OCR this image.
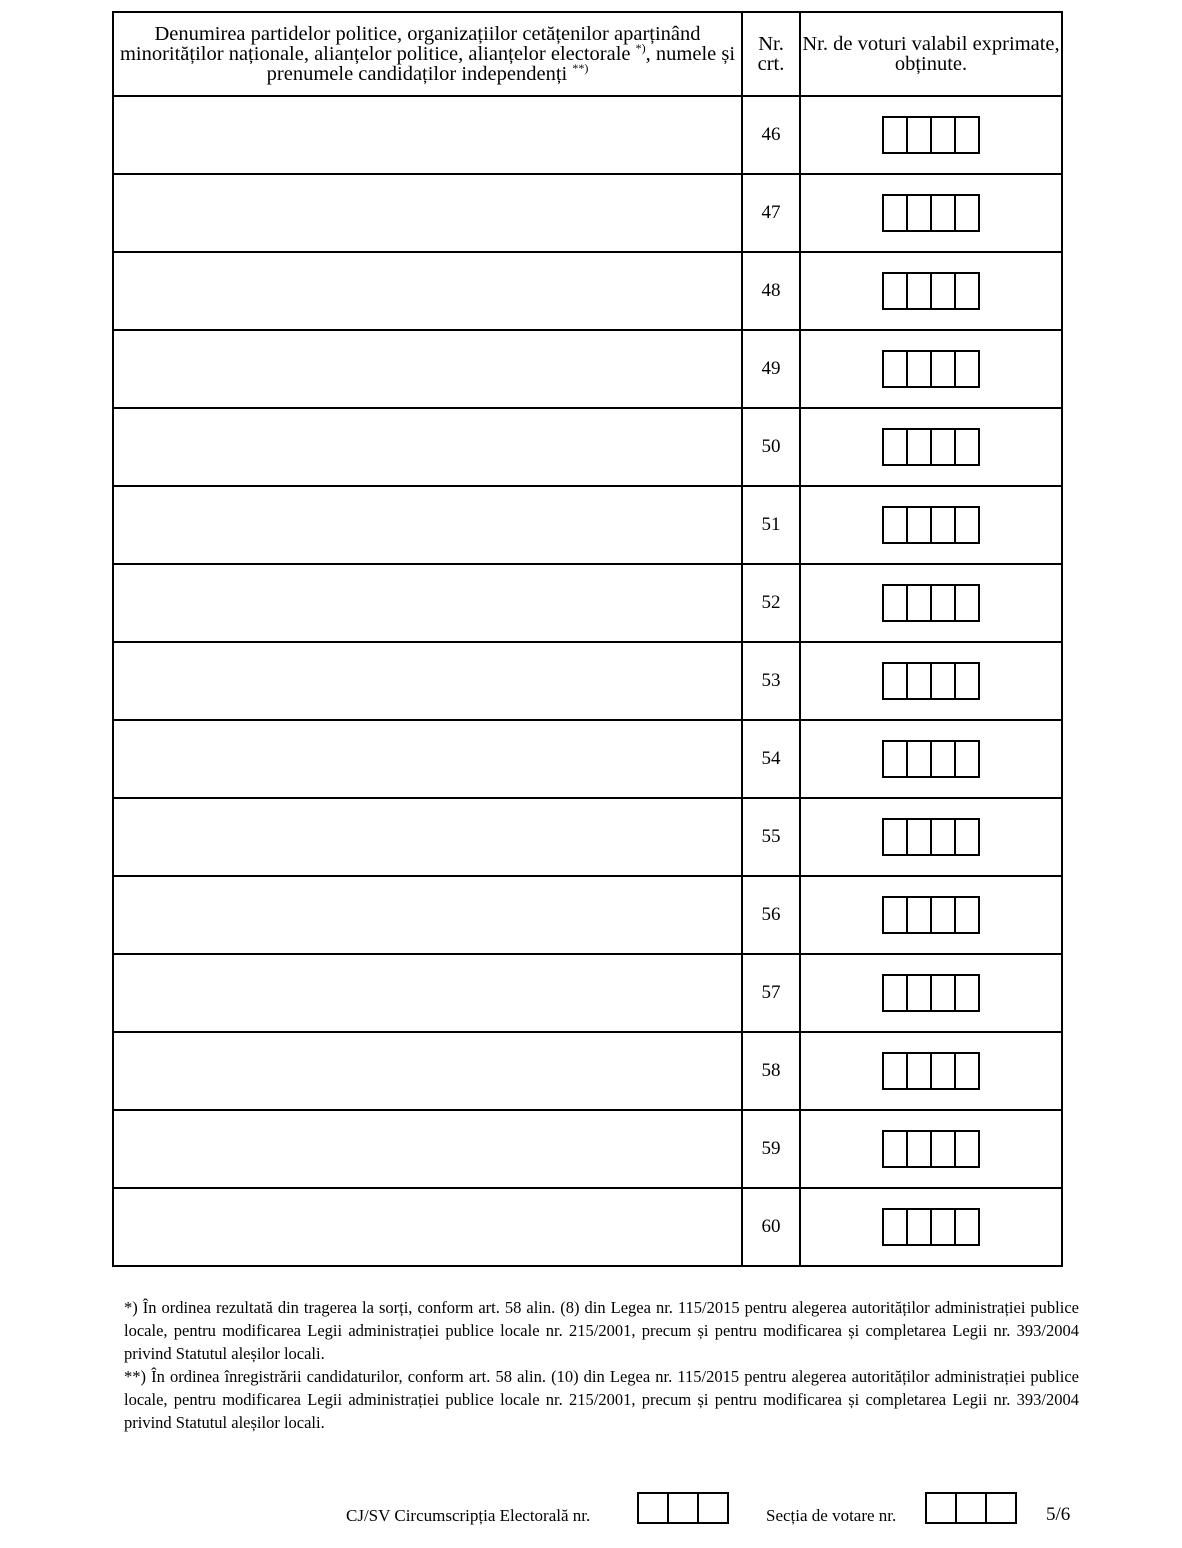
Denumirea partidelor politice, organizațiilor cetățenilor aparținând minorităților naționale, alianțelor politice, alianțelor electorale *), numele și prenumele candidaților independenți **)	Nr. crt.	Nr. de voturi valabil exprimate, obținute.
	46	

	47	

	48	

	49	

	50	

	51	

	52	

	53	

	54	

	55	

	56	

	57	

	58	

	59	

	60	

*) În ordinea rezultată din tragerea la sorți, conform art. 58 alin. (8) din Legea nr. 115/2015 pentru alegerea autorităților administrației publice locale, pentru modificarea Legii administrației publice locale nr. 215/2001, precum și pentru modificarea și completarea Legii nr. 393/2004 privind Statutul aleșilor locali.

**) În ordinea înregistrării candidaturilor, conform art. 58 alin. (10) din Legea nr. 115/2015 pentru alegerea autorităților administrației publice locale, pentru modificarea Legii administrației publice locale nr. 215/2001, precum și pentru modificarea și completarea Legii nr. 393/2004 privind Statutul aleșilor locali.

CJ/SV Circumscripția Electorală nr.	Secția de votare nr.	5/6
